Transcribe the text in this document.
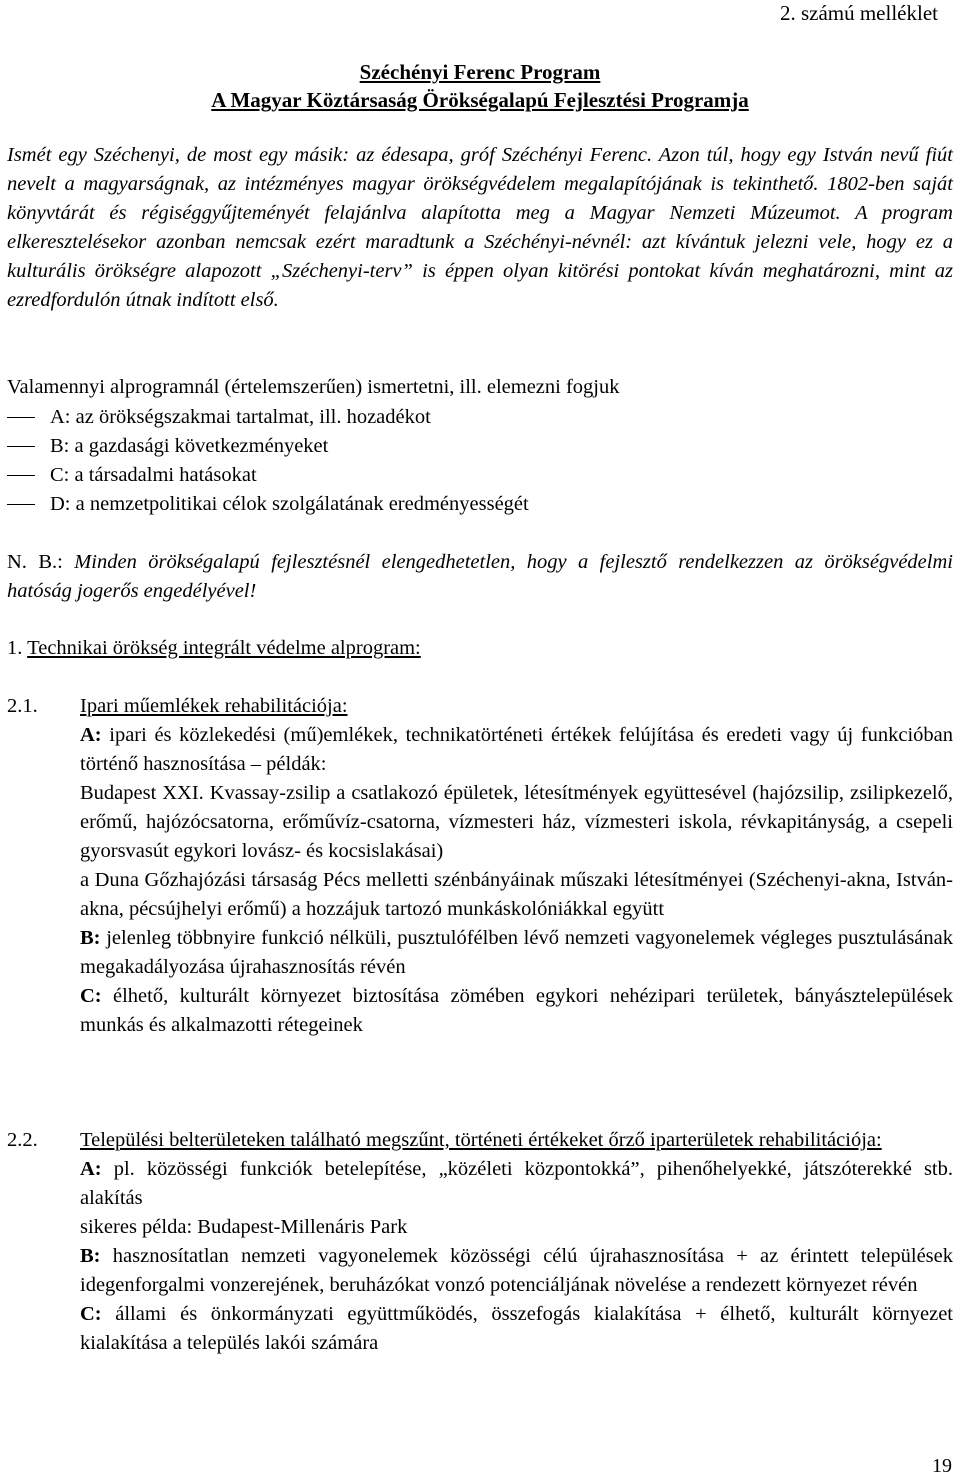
2. számú melléklet
Széchényi Ferenc Program
A Magyar Köztársaság Örökségalapú Fejlesztési Programja

Ismét egy Széchenyi, de most egy másik: az édesapa, gróf Széchényi Ferenc. Azon túl, hogy egy István nevű fiút nevelt a magyarságnak, az intézményes magyar örökségvédelem megalapítójának is tekinthető. 1802-ben saját könyvtárát és régiséggyűjteményét felajánlva alapította meg a Magyar Nemzeti Múzeumot. A program elkeresztelésekor azonban nemcsak ezért maradtunk a Széchényi-névnél: azt kívántuk jelezni vele, hogy ez a kulturális örökségre alapozott „Széchenyi-terv” is éppen olyan kitörési pontokat kíván meghatározni, mint az ezredfordulón útnak indított első.

Valamennyi alprogramnál (értelemszerűen) ismertetni, ill. elemezni fogjuk

A: az örökségszakmai tartalmat, ill. hozadékot
B: a gazdasági következményeket
C: a társadalmi hatásokat
D: a nemzetpolitikai célok szolgálatának eredményességét

N. B.: Minden örökségalapú fejlesztésnél elengedhetetlen, hogy a fejlesztő rendelkezzen az örökségvédelmi hatóság jogerős engedélyével!

1. Technikai örökség integrált védelme alprogram:
2.1.	Ipari műemlékek rehabilitációja:

A: ipari és közlekedési (mű)emlékek, technikatörténeti értékek felújítása és eredeti vagy új funkcióban történő hasznosítása – példák:

Budapest XXI. Kvassay-zsilip a csatlakozó épületek, létesítmények együttesével (hajózsilip, zsilipkezelő, erőmű, hajózócsatorna, erőművíz-csatorna, vízmesteri ház, vízmesteri iskola, révkapitányság, a csepeli gyorsvasút egykori lovász- és kocsislakásai)

a Duna Gőzhajózási társaság Pécs melletti szénbányáinak műszaki létesítményei (Széchenyi-akna, István-akna, pécsújhelyi erőmű) a hozzájuk tartozó munkáskolóniákkal együtt

B: jelenleg többnyire funkció nélküli, pusztulófélben lévő nemzeti vagyonelemek végleges pusztulásának megakadályozása újrahasznosítás révén

C: élhető, kulturált környezet biztosítása zömében egykori nehézipari területek, bányásztelepülések munkás és alkalmazotti rétegeinek

2.2.	Települési belterületeken található megszűnt, történeti értékeket őrző iparterületek rehabilitációja:

A: pl. közösségi funkciók betelepítése, „közéleti központokká”, pihenőhelyekké, játszóterekké stb. alakítás

sikeres példa: Budapest-Millenáris Park

B: hasznosítatlan nemzeti vagyonelemek közösségi célú újrahasznosítása + az érintett települések idegenforgalmi vonzerejének, beruházókat vonzó potenciáljának növelése a rendezett környezet révén

C: állami és önkormányzati együttműködés, összefogás kialakítása + élhető, kulturált környezet kialakítása a település lakói számára

19
